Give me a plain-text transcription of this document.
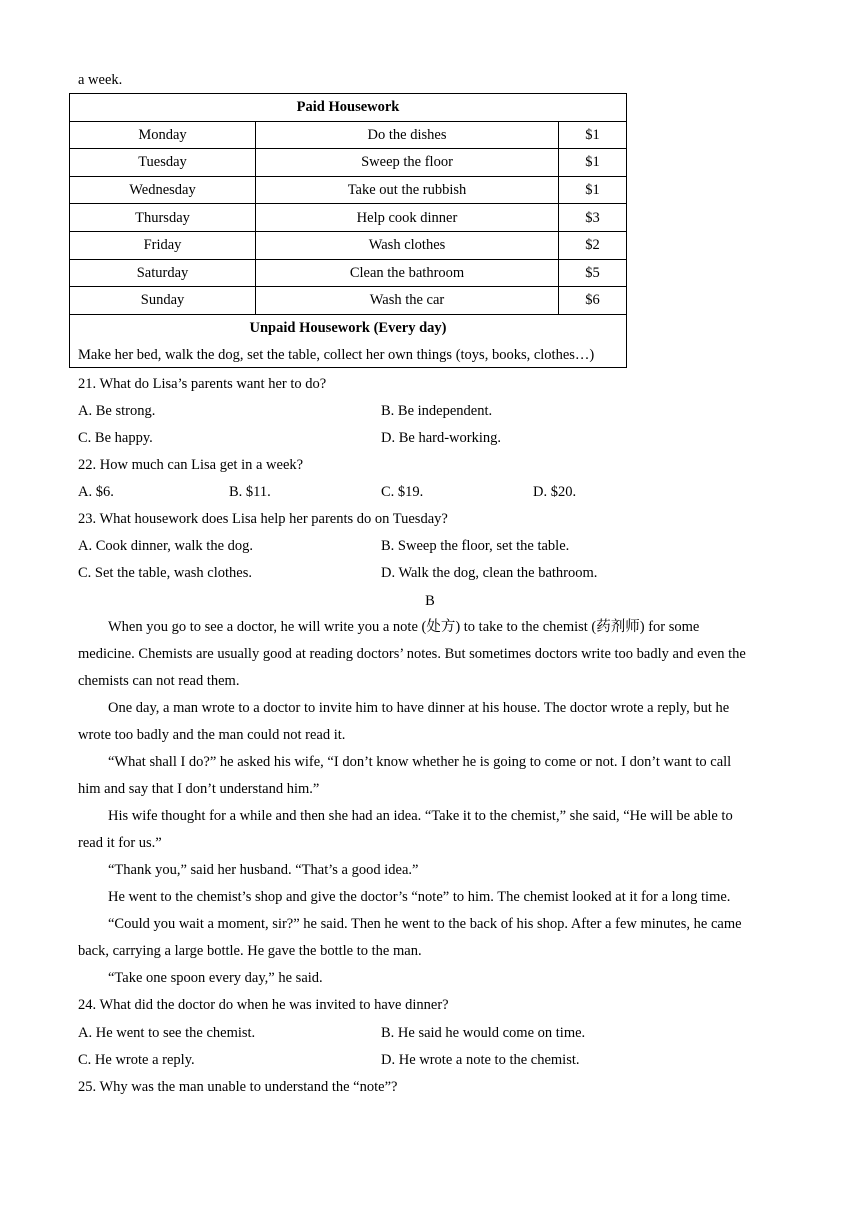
a week.
Paid Housework		
Monday	Do the dishes	$1
Tuesday	Sweep the floor	$1
Wednesday	Take out the rubbish	$1
Thursday	Help cook dinner	$3
Friday	Wash clothes	$2
Saturday	Clean the bathroom	$5
Sunday	Wash the car	$6

Unpaid Housework (Every day)
Make her bed, walk the dog, set the table, collect her own things (toys, books, clothes…)		
21. What do Lisa’s parents want her to do?
A. Be strong.	B. Be independent.
C. Be happy.	D. Be hard-working.
22. How much can Lisa get in a week?
A. $6.	B. $11.	C. $19.	D. $20.
23. What housework does Lisa help her parents do on Tuesday?
A. Cook dinner, walk the dog.	B. Sweep the floor, set the table.
C. Set the table, wash clothes.	D. Walk the dog, clean the bathroom.
B
When you go to see a doctor, he will write you a note (处方) to take to the chemist (药剂师) for some
medicine. Chemists are usually good at reading doctors’ notes. But sometimes doctors write too badly and even the
chemists can not read them.
One day, a man wrote to a doctor to invite him to have dinner at his house. The doctor wrote a reply, but he
wrote too badly and the man could not read it.
“What shall I do?” he asked his wife, “I don’t know whether he is going to come or not. I don’t want to call
him and say that I don’t understand him.”
His wife thought for a while and then she had an idea. “Take it to the chemist,” she said, “He will be able to
read it for us.”
“Thank you,” said her husband. “That’s a good idea.”
He went to the chemist’s shop and give the doctor’s “note” to him. The chemist looked at it for a long time.
“Could you wait a moment, sir?” he said. Then he went to the back of his shop. After a few minutes, he came
back, carrying a large bottle. He gave the bottle to the man.
“Take one spoon every day,” he said.
24. What did the doctor do when he was invited to have dinner?
A. He went to see the chemist.	B. He said he would come on time.
C. He wrote a reply.	D. He wrote a note to the chemist.
25. Why was the man unable to understand the “note”?
